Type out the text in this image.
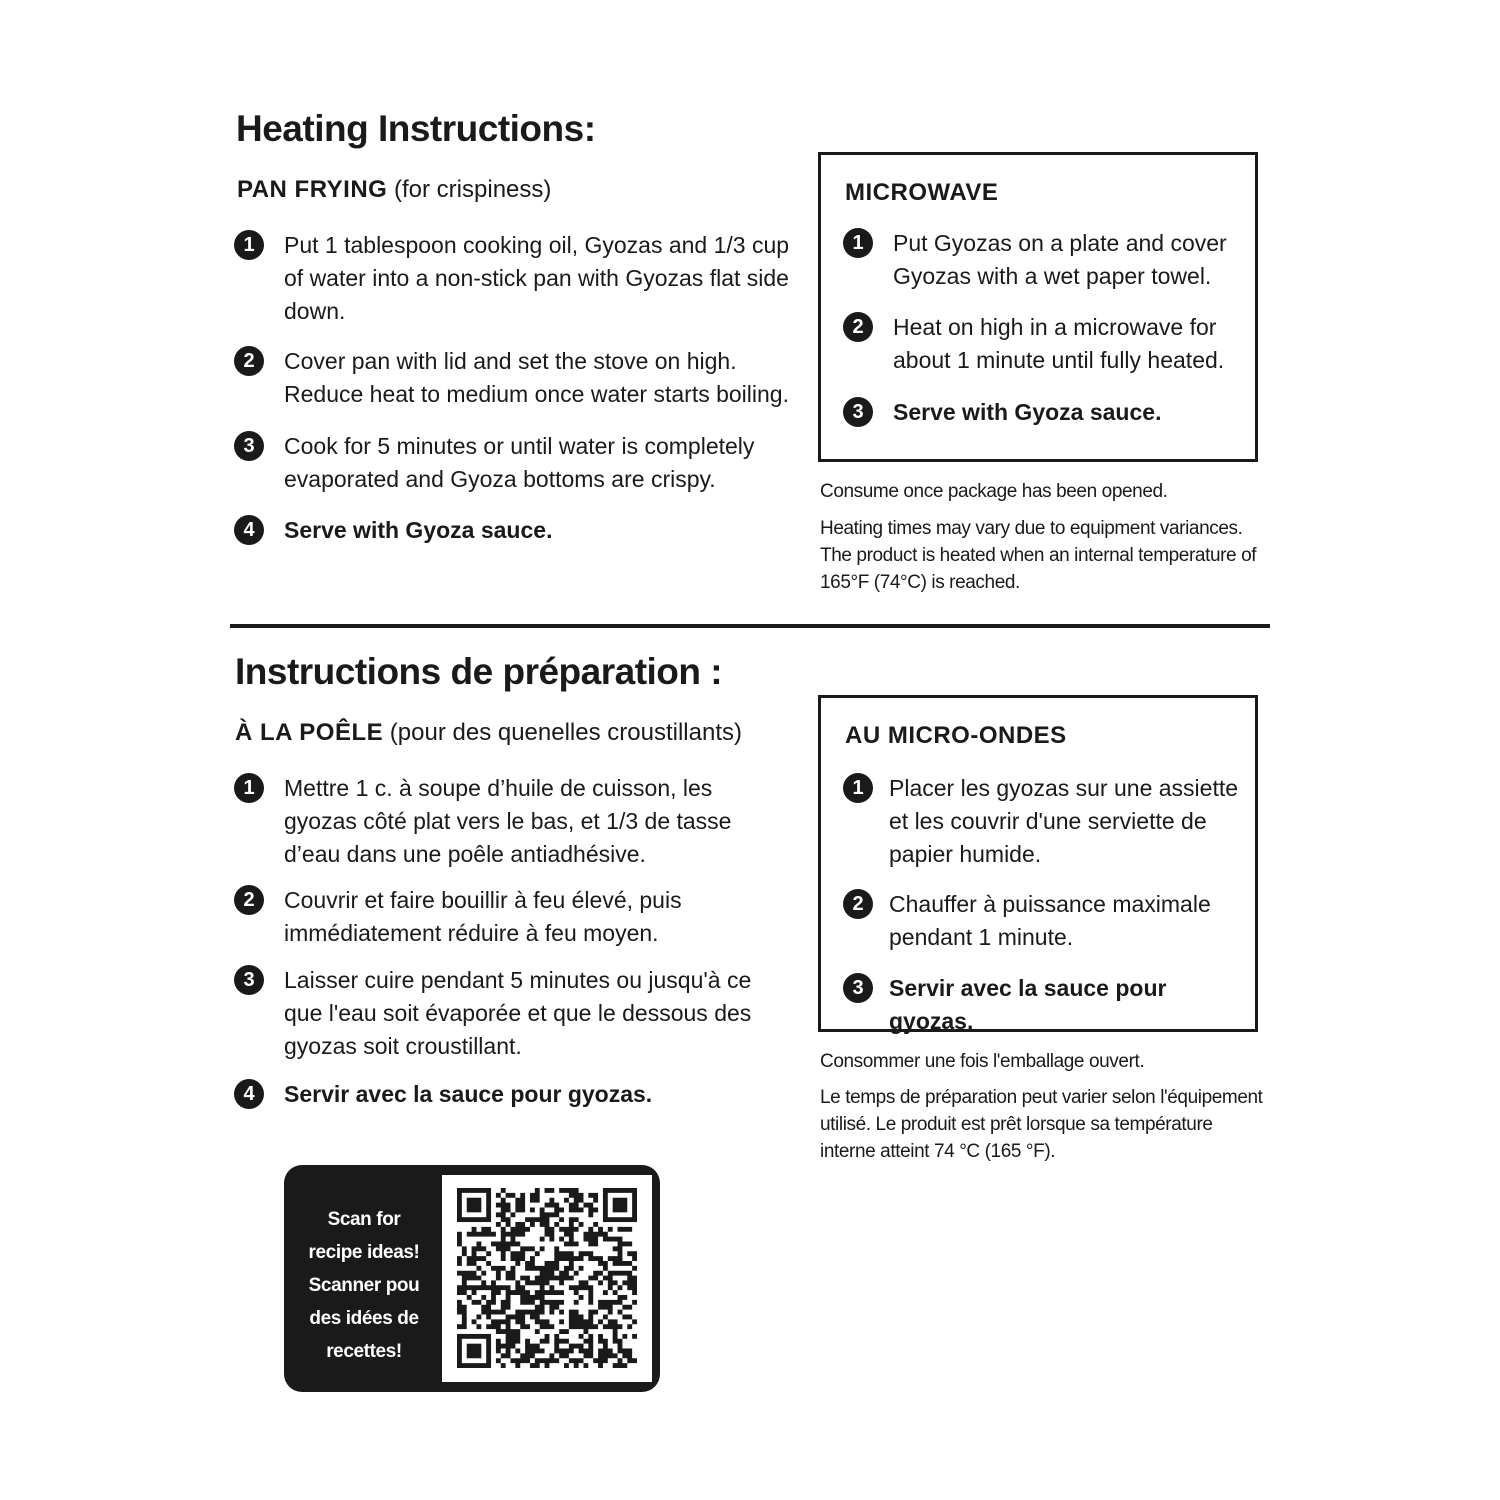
Heating Instructions:
PAN FRYING (for crispiness)
1	Put 1 tablespoon cooking oil, Gyozas and 1/3 cup of water into a non-stick pan with Gyozas flat side down.
2	Cover pan with lid and set the stove on high. Reduce heat to medium once water starts boiling.
3	Cook for 5 minutes or until water is completely evaporated and Gyoza bottoms are crispy.
4	Serve with Gyoza sauce.
MICROWAVE
1	Put Gyozas on a plate and cover Gyozas with a wet paper towel.
2	Heat on high in a microwave for about 1 minute until fully heated.
3	Serve with Gyoza sauce.
Consume once package has been opened.
Heating times may vary due to equipment variances. The product is heated when an internal temperature of 165°F (74°C) is reached.
Instructions de préparation :
À LA POÊLE (pour des quenelles croustillants)
1	Mettre 1 c. à soupe d’huile de cuisson, les gyozas côté plat vers le bas, et 1/3 de tasse d’eau dans une poêle antiadhésive.
2	Couvrir et faire bouillir à feu élevé, puis immédiatement réduire à feu moyen.
3	Laisser cuire pendant 5 minutes ou jusqu'à ce que l'eau soit évaporée et que le dessous des gyozas soit croustillant.
4	Servir avec la sauce pour gyozas.
AU MICRO-ONDES
1	Placer les gyozas sur une assiette et les couvrir d'une serviette de papier humide.
2	Chauffer à puissance maximale pendant 1 minute.
3	Servir avec la sauce pour gyozas.
Consommer une fois l'emballage ouvert.
Le temps de préparation peut varier selon l'équipement utilisé. Le produit est prêt lorsque sa température interne atteint 74 °C (165 °F).
Scan for
recipe ideas!
Scanner pou
des idées de
recettes!
